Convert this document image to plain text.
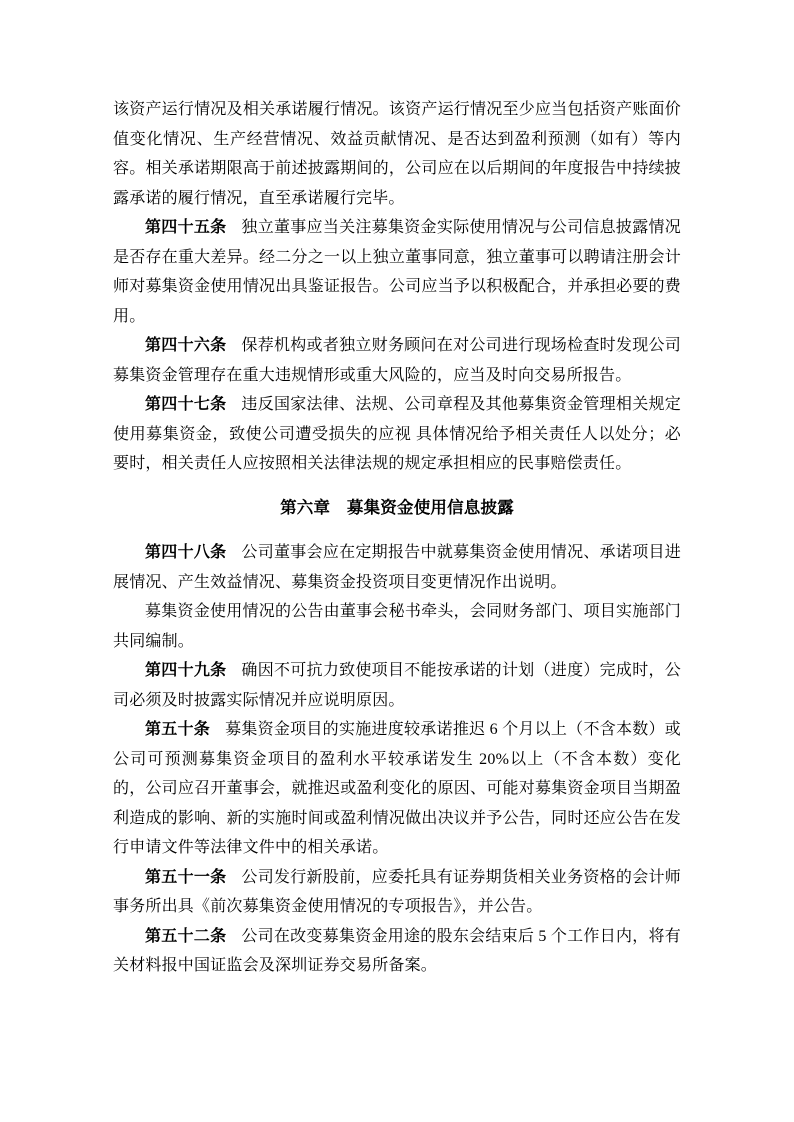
该资产运行情况及相关承诺履行情况。该资产运行情况至少应当包括资产账面价值变化情况、生产经营情况、效益贡献情况、是否达到盈利预测（如有）等内容。相关承诺期限高于前述披露期间的，公司应在以后期间的年度报告中持续披露承诺的履行情况，直至承诺履行完毕。

第四十五条 独立董事应当关注募集资金实际使用情况与公司信息披露情况 是否存在重大差异。经二分之一以上独立董事同意，独立董事可以聘请注册会计 师对募集资金使用情况出具鉴证报告。公司应当予以积极配合，并承担必要的费 用。

第四十六条 保荐机构或者独立财务顾问在对公司进行现场检查时发现公司募集资金管理存在重大违规情形或重大风险的，应当及时向交易所报告。

第四十七条 违反国家法律、法规、公司章程及其他募集资金管理相关规定使用募集资金，致使公司遭受损失的应视 具体情况给予相关责任人以处分；必要时，相关责任人应按照相关法律法规的规定承担相应的民事赔偿责任。

第六章　募集资金使用信息披露

第四十八条 公司董事会应在定期报告中就募集资金使用情况、承诺项目进展情况、产生效益情况、募集资金投资项目变更情况作出说明。

募集资金使用情况的公告由董事会秘书牵头，会同财务部门、项目实施部门共同编制。

第四十九条 确因不可抗力致使项目不能按承诺的计划（进度）完成时，公司必须及时披露实际情况并应说明原因。

第五十条 募集资金项目的实施进度较承诺推迟 6 个月以上（不含本数）或公司可预测募集资金项目的盈利水平较承诺发生 20%以上（不含本数）变化的，公司应召开董事会，就推迟或盈利变化的原因、可能对募集资金项目当期盈利造成的影响、新的实施时间或盈利情况做出决议并予公告，同时还应公告在发行申请文件等法律文件中的相关承诺。

第五十一条 公司发行新股前，应委托具有证券期货相关业务资格的会计师事务所出具《前次募集资金使用情况的专项报告》，并公告。

第五十二条 公司在改变募集资金用途的股东会结束后 5 个工作日内，将有关材料报中国证监会及深圳证券交易所备案。
